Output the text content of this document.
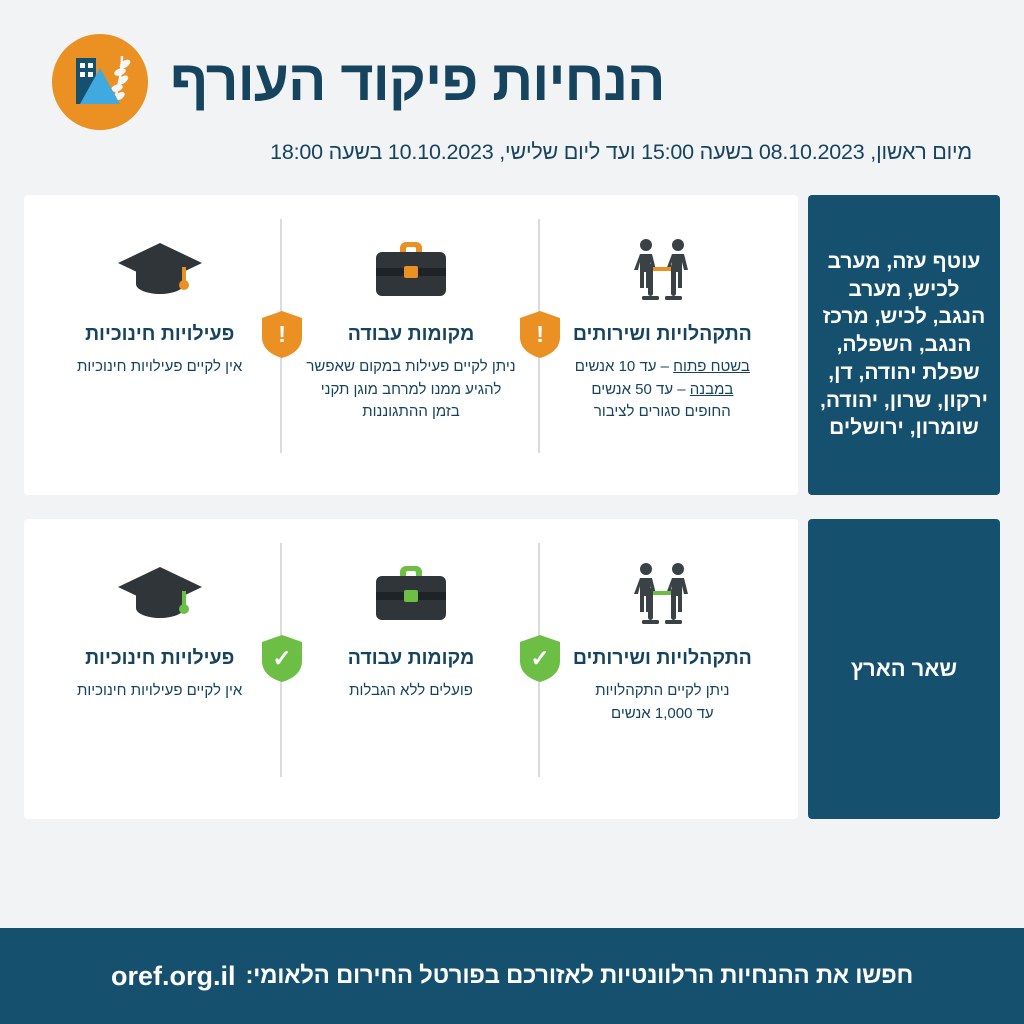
הנחיות פיקוד העורף
מיום ראשון, 08.10.2023 בשעה 15:00 ועד ליום שלישי, 10.10.2023 בשעה 18:00
עוטף עזה, מערב לכיש, מערב הנגב, לכיש, מרכז הנגב, השפלה, שפלת יהודה, דן, ירקון, שרון, יהודה, שומרון, ירושלים
התקהלויות ושירותים
בשטח פתוח – עד 10 אנשים
במבנה – עד 50 אנשים
החופים סגורים לציבור
!
מקומות עבודה
ניתן לקיים פעילות במקום שאפשר להגיע ממנו למרחב מוגן תקני בזמן ההתגוננות
!
פעילויות חינוכיות
אין לקיים פעילויות חינוכיות
שאר הארץ
התקהלויות ושירותים
ניתן לקיים התקהלויות
עד 1,000 אנשים
✓
מקומות עבודה
פועלים ללא הגבלות
✓
פעילויות חינוכיות
אין לקיים פעילויות חינוכיות
חפשו את ההנחיות הרלוונטיות לאזורכם בפורטל החירום הלאומי:
oref.org.il
